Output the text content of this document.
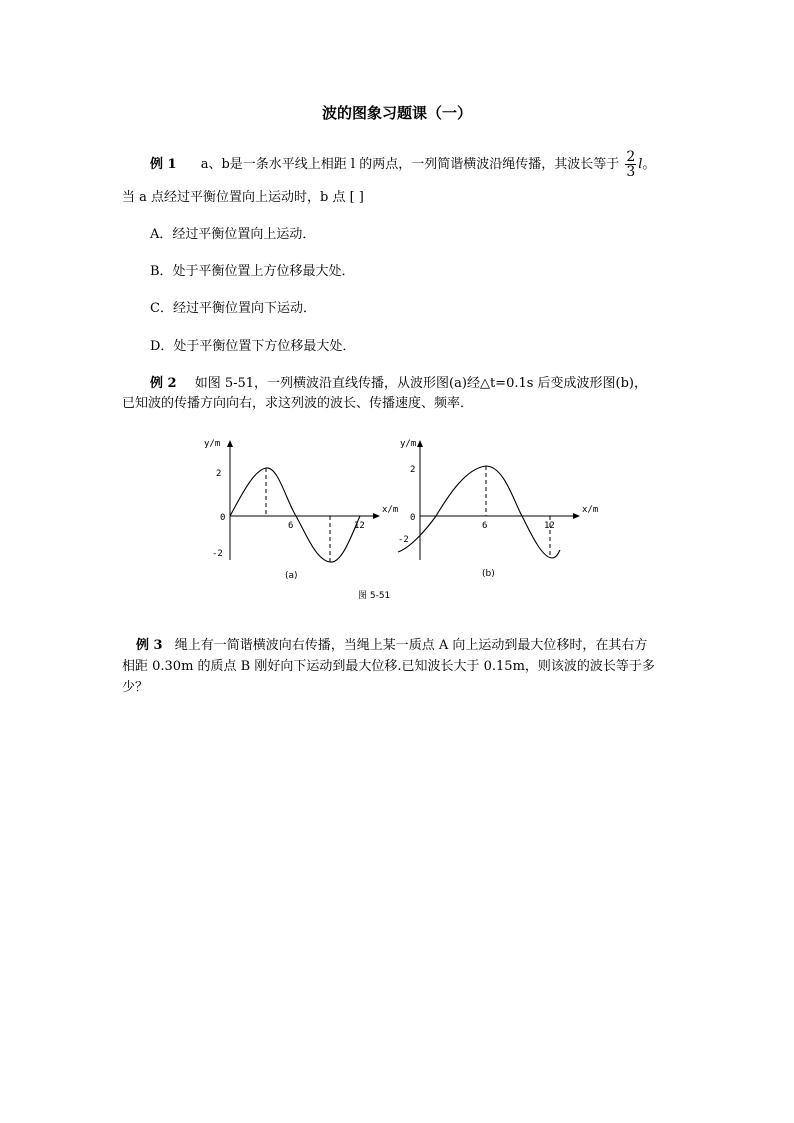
波的图象习题课（一）
例 1 a、b是一条水平线上相距 l 的两点，一列简谐横波沿绳传播，其波长等于 $\frac{2}{3}$ l。
当 a 点经过平衡位置向上运动时，b 点 [ ]
A．经过平衡位置向上运动．
B．处于平衡位置上方位移最大处．
C．经过平衡位置向下运动．
D．处于平衡位置下方位移最大处．
例 2 如图 5-51，一列横波沿直线传播，从波形图(a)经△t=0.1s 后变成波形图(b)，
已知波的传播方向向右，求这列波的波长、传播速度、频率．
y/m
x/m
2
0
-2
6	12
(a)
y/m
x/m
2
0
-2
6	12
(b)
图 5-51
例 3 绳上有一简谐横波向右传播，当绳上某一质点 A 向上运动到最大位移时，在其右方
相距 0.30m 的质点 B 刚好向下运动到最大位移.已知波长大于 0.15m，则该波的波长等于多
少？
